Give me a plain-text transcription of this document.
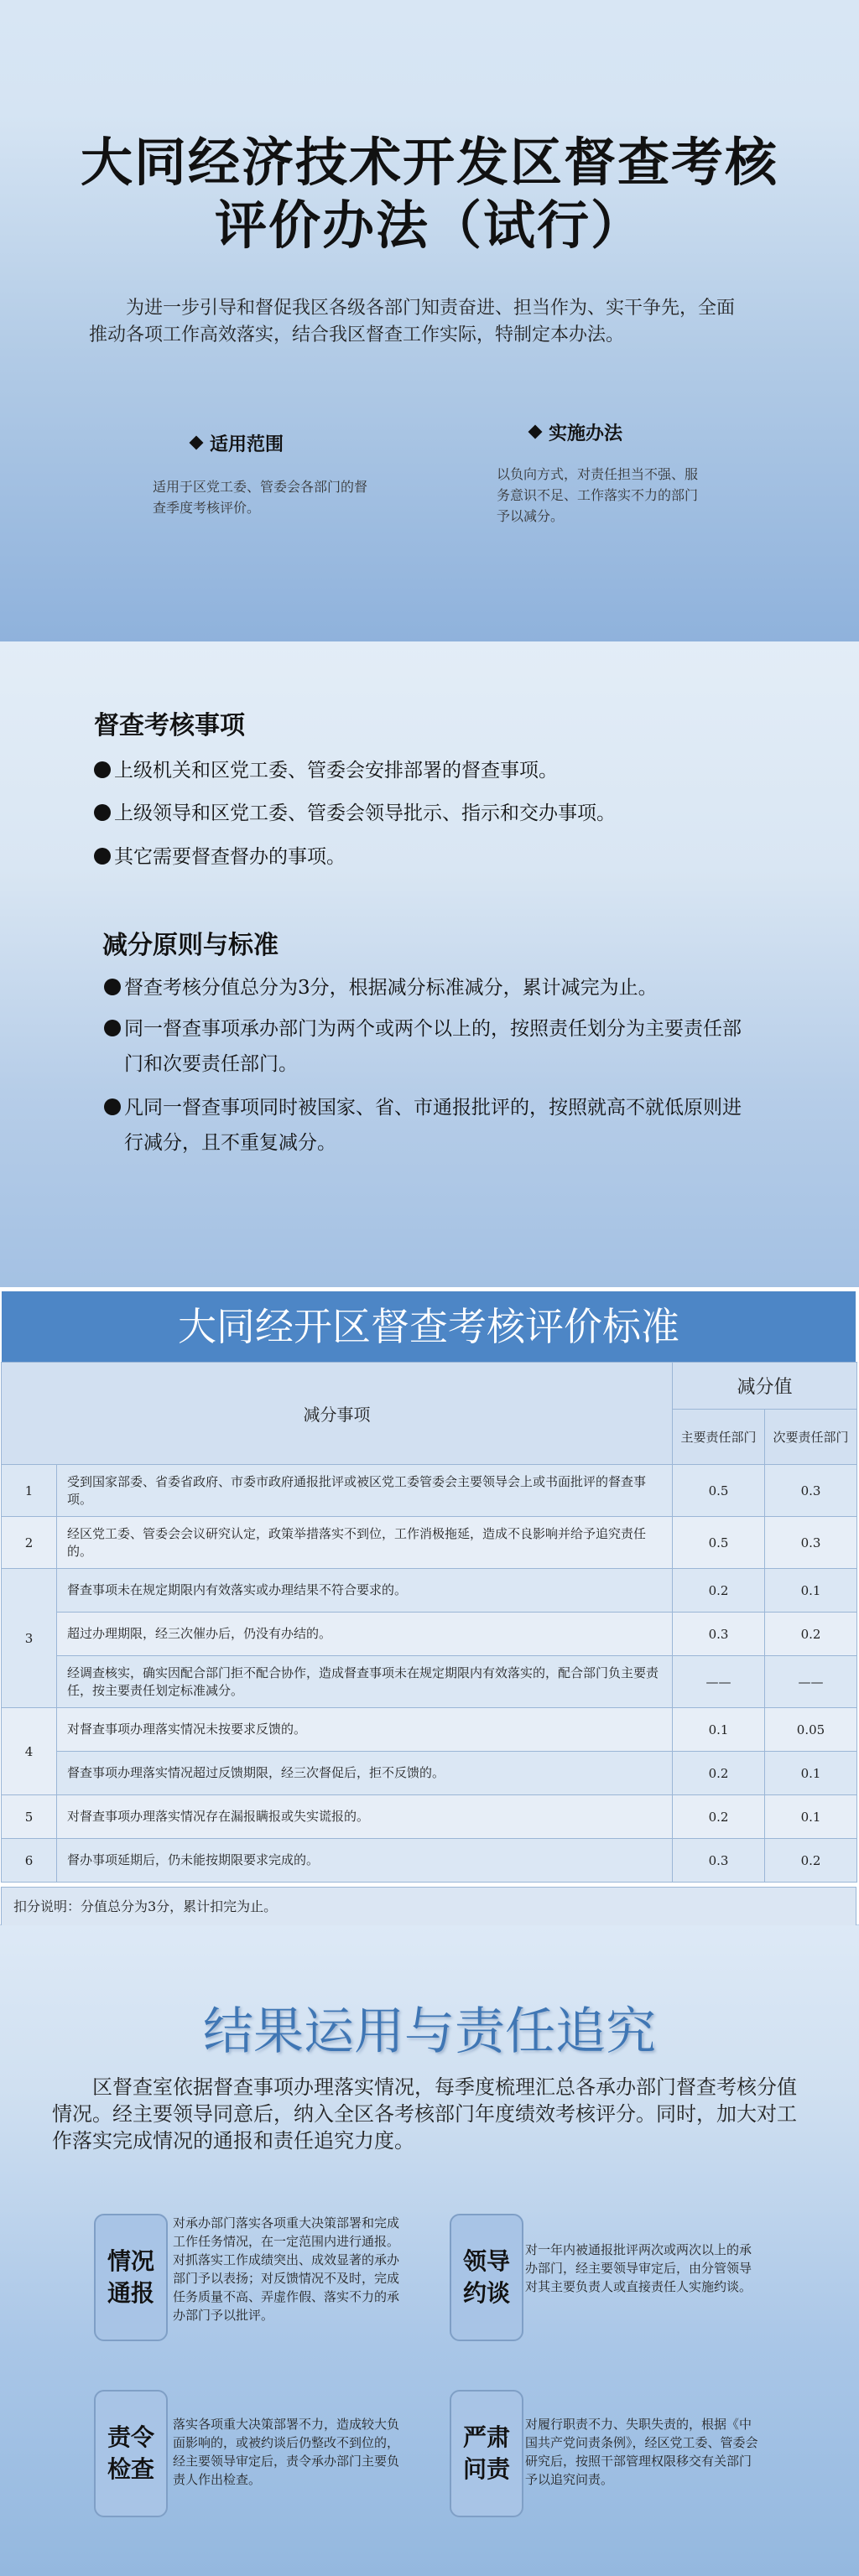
大同经济技术开发区督查考核
评价办法（试行）
为进一步引导和督促我区各级各部门知责奋进、担当作为、实干争先，全面推动各项工作高效落实，结合我区督查工作实际，特制定本办法。
适用范围
适用于区党工委、管委会各部门的督查季度考核评价。
实施办法
以负向方式，对责任担当不强、服务意识不足、工作落实不力的部门予以减分。
督查考核事项
上级机关和区党工委、管委会安排部署的督查事项。
上级领导和区党工委、管委会领导批示、指示和交办事项。
其它需要督查督办的事项。
减分原则与标准
督查考核分值总分为3分，根据减分标准减分，累计减完为止。
同一督查事项承办部门为两个或两个以上的，按照责任划分为主要责任部
门和次要责任部门。
凡同一督查事项同时被国家、省、市通报批评的，按照就高不就低原则进
行减分，且不重复减分。
大同经开区督查考核评价标准
减分事项		减分值	
		主要责任部门	次要责任部门
1	受到国家部委、省委省政府、市委市政府通报批评或被区党工委管委会主要领导会上或书面批评的督查事项。	0.5	0.3
2	经区党工委、管委会会议研究认定，政策举措落实不到位，工作消极拖延，造成不良影响并给予追究责任的。	0.5	0.3
3	督查事项未在规定期限内有效落实或办理结果不符合要求的。	0.2	0.1
	超过办理期限，经三次催办后，仍没有办结的。	0.3	0.2
	经调查核实，确实因配合部门拒不配合协作，造成督查事项未在规定期限内有效落实的，配合部门负主要责任，按主要责任划定标准减分。	——	——
4	对督查事项办理落实情况未按要求反馈的。	0.1	0.05
	督查事项办理落实情况超过反馈期限，经三次督促后，拒不反馈的。	0.2	0.1
5	对督查事项办理落实情况存在漏报瞒报或失实谎报的。	0.2	0.1
6	督办事项延期后，仍未能按期限要求完成的。	0.3	0.2
扣分说明：分值总分为3分，累计扣完为止。
结果运用与责任追究
区督查室依据督查事项办理落实情况，每季度梳理汇总各承办部门督查考核分值情况。经主要领导同意后，纳入全区各考核部门年度绩效考核评分。同时，加大对工作落实完成情况的通报和责任追究力度。
情况通报
对承办部门落实各项重大决策部署和完成工作任务情况，在一定范围内进行通报。对抓落实工作成绩突出、成效显著的承办部门予以表扬；对反馈情况不及时，完成任务质量不高、弄虚作假、落实不力的承办部门予以批评。
领导约谈
对一年内被通报批评两次或两次以上的承办部门，经主要领导审定后，由分管领导对其主要负责人或直接责任人实施约谈。
责令检查
落实各项重大决策部署不力，造成较大负面影响的，或被约谈后仍整改不到位的，经主要领导审定后，责令承办部门主要负责人作出检查。
严肃问责
对履行职责不力、失职失责的，根据《中国共产党问责条例》，经区党工委、管委会研究后，按照干部管理权限移交有关部门予以追究问责。
